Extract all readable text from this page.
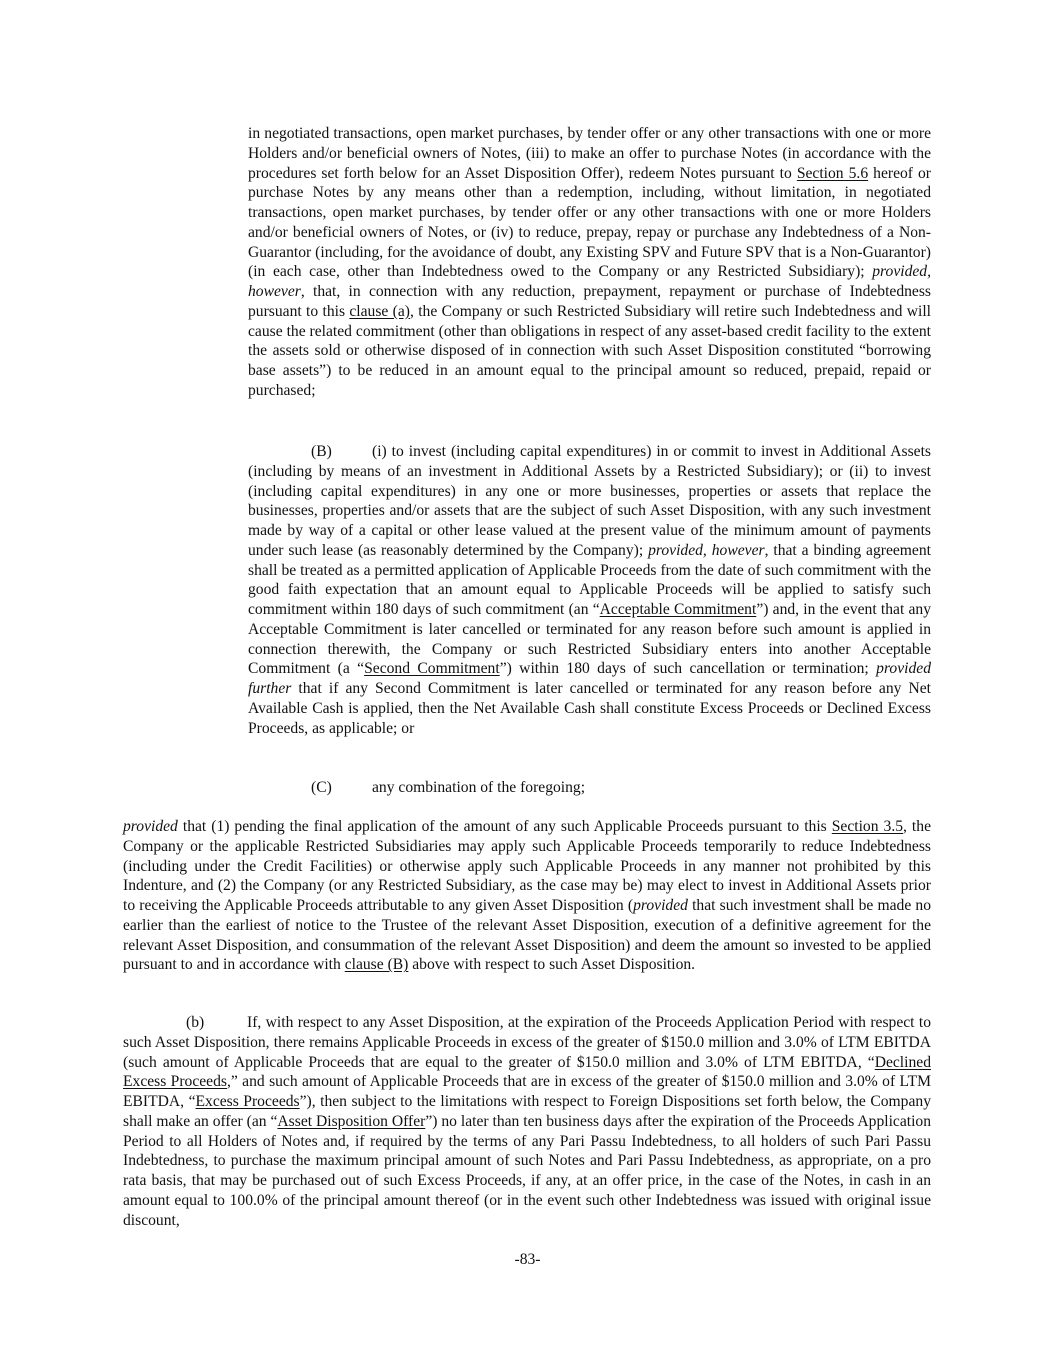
in negotiated transactions, open market purchases, by tender offer or any other transactions with one or more Holders and/or beneficial owners of Notes, (iii) to make an offer to purchase Notes (in accordance with the procedures set forth below for an Asset Disposition Offer), redeem Notes pursuant to Section 5.6 hereof or purchase Notes by any means other than a redemption, including, without limitation, in negotiated transactions, open market purchases, by tender offer or any other transactions with one or more Holders and/or beneficial owners of Notes, or (iv) to reduce, prepay, repay or purchase any Indebtedness of a Non-Guarantor (including, for the avoidance of doubt, any Existing SPV and Future SPV that is a Non-Guarantor) (in each case, other than Indebtedness owed to the Company or any Restricted Subsidiary); provided, however, that, in connection with any reduction, prepayment, repayment or purchase of Indebtedness pursuant to this clause (a), the Company or such Restricted Subsidiary will retire such Indebtedness and will cause the related commitment (other than obligations in respect of any asset-based credit facility to the extent the assets sold or otherwise disposed of in connection with such Asset Disposition constituted “borrowing base assets”) to be reduced in an amount equal to the principal amount so reduced, prepaid, repaid or purchased;

(B)	(i) to invest (including capital expenditures) in or commit to invest in Additional Assets (including by means of an investment in Additional Assets by a Restricted Subsidiary); or (ii) to invest (including capital expenditures) in any one or more businesses, properties or assets that replace the businesses, properties and/or assets that are the subject of such Asset Disposition, with any such investment made by way of a capital or other lease valued at the present value of the minimum amount of payments under such lease (as reasonably determined by the Company); provided, however, that a binding agreement shall be treated as a permitted application of Applicable Proceeds from the date of such commitment with the good faith expectation that an amount equal to Applicable Proceeds will be applied to satisfy such commitment within 180 days of such commitment (an “Acceptable Commitment”) and, in the event that any Acceptable Commitment is later cancelled or terminated for any reason before such amount is applied in connection therewith, the Company or such Restricted Subsidiary enters into another Acceptable Commitment (a “Second Commitment”) within 180 days of such cancellation or termination; provided further that if any Second Commitment is later cancelled or terminated for any reason before any Net Available Cash is applied, then the Net Available Cash shall constitute Excess Proceeds or Declined Excess Proceeds, as applicable; or

(C)	any combination of the foregoing;

provided that (1) pending the final application of the amount of any such Applicable Proceeds pursuant to this Section 3.5, the Company or the applicable Restricted Subsidiaries may apply such Applicable Proceeds temporarily to reduce Indebtedness (including under the Credit Facilities) or otherwise apply such Applicable Proceeds in any manner not prohibited by this Indenture, and (2) the Company (or any Restricted Subsidiary, as the case may be) may elect to invest in Additional Assets prior to receiving the Applicable Proceeds attributable to any given Asset Disposition (provided that such investment shall be made no earlier than the earliest of notice to the Trustee of the relevant Asset Disposition, execution of a definitive agreement for the relevant Asset Disposition, and consummation of the relevant Asset Disposition) and deem the amount so invested to be applied pursuant to and in accordance with clause (B) above with respect to such Asset Disposition.

(b)	If, with respect to any Asset Disposition, at the expiration of the Proceeds Application Period with respect to such Asset Disposition, there remains Applicable Proceeds in excess of the greater of $150.0 million and 3.0% of LTM EBITDA (such amount of Applicable Proceeds that are equal to the greater of $150.0 million and 3.0% of LTM EBITDA, “Declined Excess Proceeds,” and such amount of Applicable Proceeds that are in excess of the greater of $150.0 million and 3.0% of LTM EBITDA, “Excess Proceeds”), then subject to the limitations with respect to Foreign Dispositions set forth below, the Company shall make an offer (an “Asset Disposition Offer”) no later than ten business days after the expiration of the Proceeds Application Period to all Holders of Notes and, if required by the terms of any Pari Passu Indebtedness, to all holders of such Pari Passu Indebtedness, to purchase the maximum principal amount of such Notes and Pari Passu Indebtedness, as appropriate, on a pro rata basis, that may be purchased out of such Excess Proceeds, if any, at an offer price, in the case of the Notes, in cash in an amount equal to 100.0% of the principal amount thereof (or in the event such other Indebtedness was issued with original issue discount,

-83-
